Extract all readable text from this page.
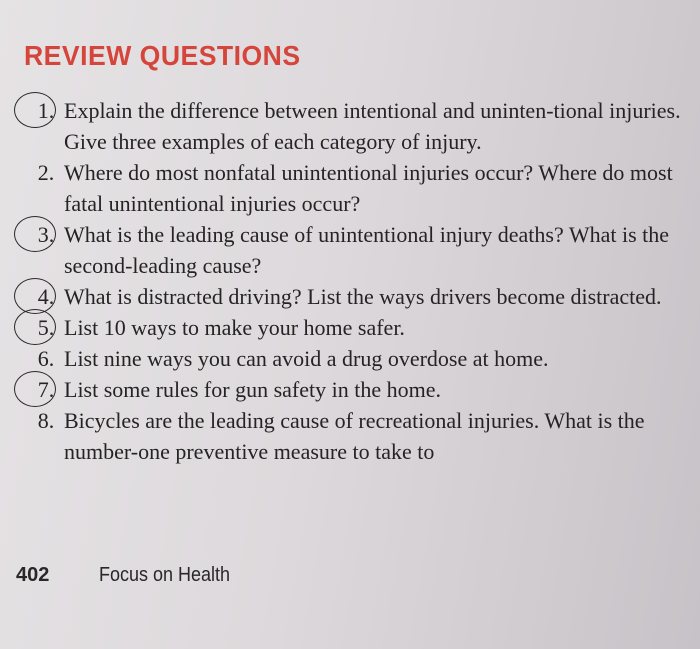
REVIEW QUESTIONS
1. Explain the difference between intentional and uninten-tional injuries. Give three examples of each category of injury.
2. Where do most nonfatal unintentional injuries occur? Where do most fatal unintentional injuries occur?
3. What is the leading cause of unintentional injury deaths? What is the second-leading cause?
4. What is distracted driving? List the ways drivers become distracted.
5. List 10 ways to make your home safer.
6. List nine ways you can avoid a drug overdose at home.
7. List some rules for gun safety in the home.
8. Bicycles are the leading cause of recreational injuries. What is the number-one preventive measure to take to
402 Focus on Health
